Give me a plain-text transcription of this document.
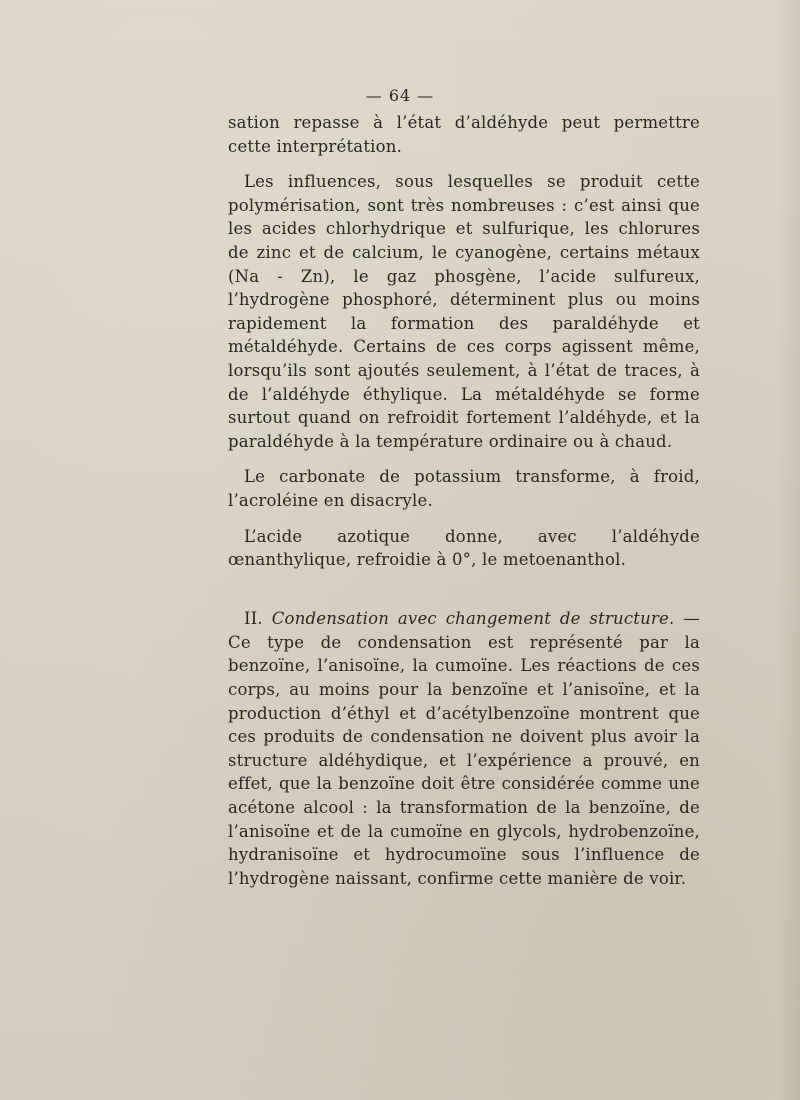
— 64 —

sation repasse à l’état d’aldéhyde peut permettre cette interprétation.

Les influences, sous lesquelles se produit cette polymérisation, sont très nombreuses : c’est ainsi que les acides chlorhydrique et sulfurique, les chlorures de zinc et de calcium, le cyanogène, certains métaux (Na - Zn), le gaz phosgène, l’acide sulfureux, l’hydrogène phosphoré, déterminent plus ou moins rapidement la formation des paraldéhyde et métaldéhyde. Certains de ces corps agissent même, lorsqu’ils sont ajoutés seulement, à l’état de traces, à de l’aldéhyde éthylique. La métaldéhyde se forme surtout quand on refroidit fortement l’aldéhyde, et la paraldéhyde à la température ordinaire ou à chaud.

Le carbonate de potassium transforme, à froid, l’acroléine en disacryle.

L’acide azotique donne, avec l’aldéhyde œnanthylique, refroidie à 0°, le metoenanthol.

II. Condensation avec changement de structure. — Ce type de condensation est représenté par la benzoïne, l’anisoïne, la cumoïne. Les réactions de ces corps, au moins pour la benzoïne et l’anisoïne, et la production d’éthyl et d’acétylbenzoïne montrent que ces produits de condensation ne doivent plus avoir la structure aldéhydique, et l’expérience a prouvé, en effet, que la benzoïne doit être considérée comme une acétone alcool : la transformation de la benzoïne, de l’anisoïne et de la cumoïne en glycols, hydrobenzoïne, hydranisoïne et hydrocumoïne sous l’influence de l’hydrogène naissant, confirme cette manière de voir.
